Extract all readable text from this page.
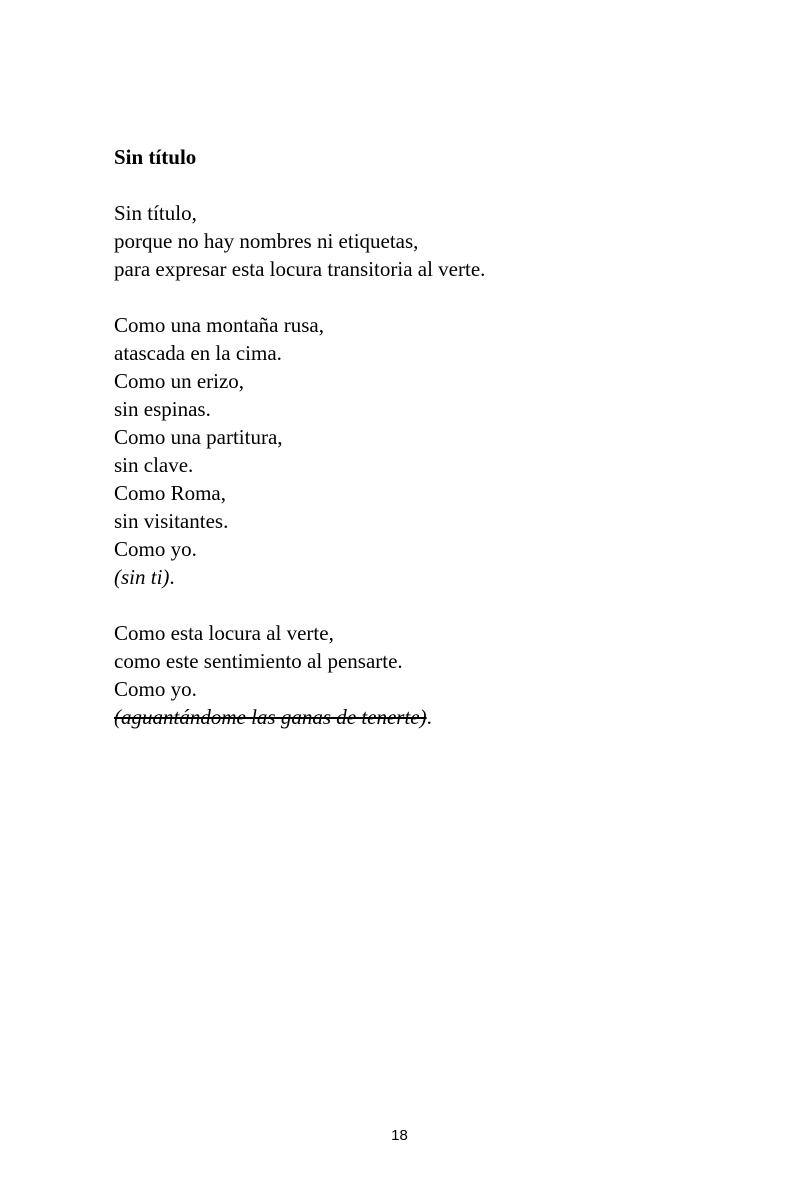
Sin título
Sin título,
porque no hay nombres ni etiquetas,
para expresar esta locura transitoria al verte.
Como una montaña rusa,
atascada en la cima.
Como un erizo,
sin espinas.
Como una partitura,
sin clave.
Como Roma,
sin visitantes.
Como yo.
(sin ti).
Como esta locura al verte,
como este sentimiento al pensarte.
Como yo.
(aguantándome las ganas de tenerte).
18
